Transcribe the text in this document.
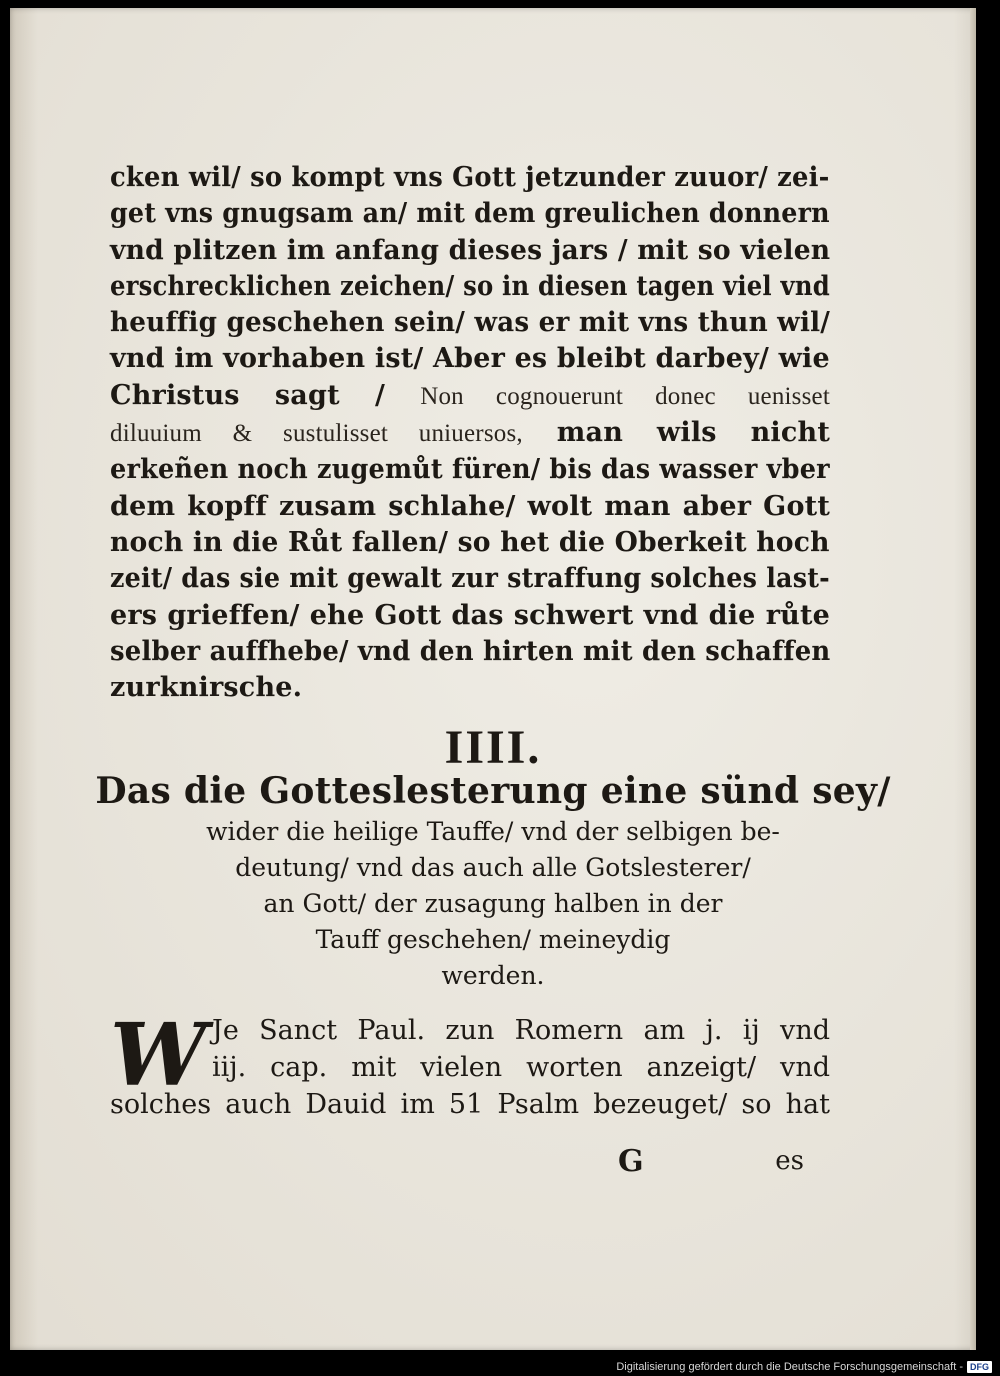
cken wil/ so kompt vns Gott jetzunder zuuor/ zei-
get vns gnugsam an/ mit dem greulichen donnern
vnd plitzen im anfang dieses jars / mit so vielen
erschrecklichen zeichen/ so in diesen tagen viel vnd
heuffig geschehen sein/ was er mit vns thun wil/
vnd im vorhaben ist/ Aber es bleibt darbey/ wie
Christus sagt / Non cognouerunt donec uenisset
diluuium & sustulisset uniuersos, man wils nicht
erkeñen noch zugemůt füren/ bis das wasser vber
dem kopff zusam schlahe/ wolt man aber Gott
noch in die Růt fallen/ so het die Oberkeit hoch
zeit/ das sie mit gewalt zur straffung solches last-
ers grieffen/ ehe Gott das schwert vnd die růte
selber auffhebe/ vnd den hirten mit den schaffen
zurknirsche.
IIII.
Das die Gotteslesterung eine sünd sey/
wider die heilige Tauffe/ vnd der selbigen be-
deutung/ vnd das auch alle Gotslesterer/
an Gott/ der zusagung halben in der
Tauff geschehen/ meineydig
werden.
W Je Sanct Paul. zun Romern am j. ij vnd
iij. cap. mit vielen worten anzeigt/ vnd
solches auch Dauid im 51 Psalm bezeuget/ so hat
G	es
Digitalisierung gefördert durch die Deutsche Forschungsgemeinschaft - DFG
